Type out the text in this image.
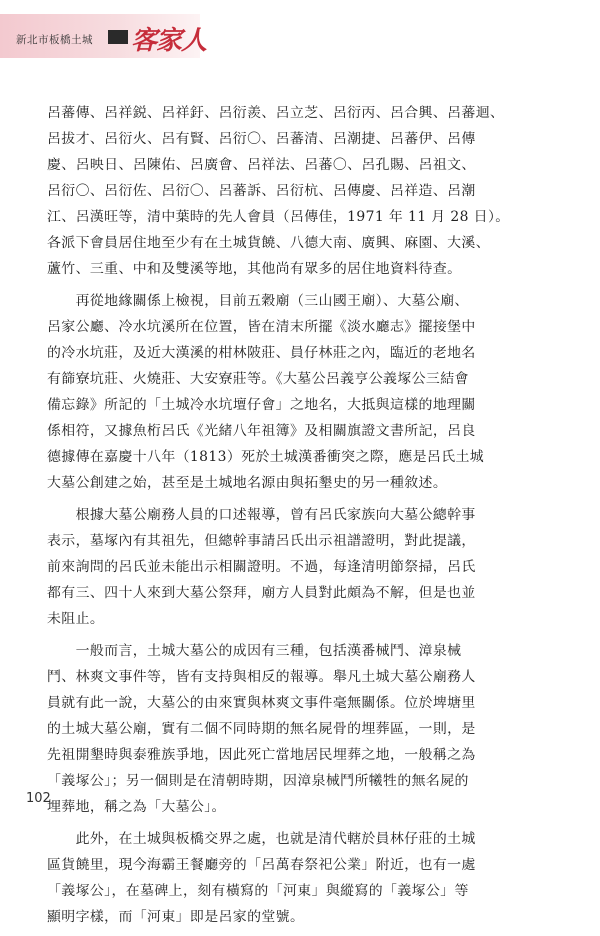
新北市板橋土城 客家人
呂蕃傳、呂祥鋭、呂祥釪、呂衍羨、呂立芝、呂衍丙、呂合興、呂蕃迴、
呂拔才、呂衍火、呂有賢、呂衍〇、呂蕃清、呂潮捷、呂蕃伊、呂傳
慶、呂映日、呂陳佑、呂廣會、呂祥法、呂蕃〇、呂孔賜、呂祖文、
呂衍〇、呂衍佐、呂衍〇、呂蕃訴、呂衍杭、呂傳慶、呂祥造、呂潮
江、呂漢旺等，清中葉時的先人會員（呂傳佳，1971 年 11 月 28 日）。
各派下會員居住地至少有在土城貨饒、八德大南、廣興、麻園、大溪、
蘆竹、三重、中和及雙溪等地，其他尚有眾多的居住地資料待查。
　　再從地緣關係上檢視，目前五穀廟（三山國王廟）、大墓公廟、
呂家公廳、冷水坑溪所在位置，皆在清末所擺《淡水廳志》擺接堡中
的冷水坑莊，及近大漢溪的柑林陂莊、員仔林莊之內，臨近的老地名
有篩寮坑莊、火燒莊、大安寮莊等。《大墓公呂義亨公義塚公三結會
備忘錄》所記的「土城冷水坑壇仔會」之地名，大抵與這樣的地理關
係相符，又據魚桁呂氏《光緒八年祖簿》及相關旗證文書所記，呂良
德據傳在嘉慶十八年（1813）死於土城漢番衝突之際，應是呂氏土城
大墓公創建之始，甚至是土城地名源由與拓墾史的另一種敘述。
　　根據大墓公廟務人員的口述報導，曾有呂氏家族向大墓公總幹事
表示，墓塚內有其祖先，但總幹事請呂氏出示祖譜證明，對此提議，
前來詢問的呂氏並未能出示相關證明。不過，每逢清明節祭掃，呂氏
都有三、四十人來到大墓公祭拜，廟方人員對此頗為不解，但是也並
未阻止。
　　一般而言，土城大墓公的成因有三種，包括漢番械鬥、漳泉械
鬥、林爽文事件等，皆有支持與相反的報導。舉凡土城大墓公廟務人
員就有此一說，大墓公的由來實與林爽文事件毫無關係。位於埤塘里
的土城大墓公廟，實有二個不同時期的無名屍骨的埋葬區，一則，是
先祖開墾時與泰雅族爭地，因此死亡當地居民埋葬之地，一般稱之為
「義塚公」；另一個則是在清朝時期，因漳泉械鬥所犧牲的無名屍的
埋葬地，稱之為「大墓公」。
　　此外，在土城與板橋交界之處，也就是清代轄於員林仔莊的土城
區貨饒里，現今海霸王餐廳旁的「呂萬春祭祀公業」附近，也有一處
「義塚公」，在墓碑上，刻有橫寫的「河東」與縱寫的「義塚公」等
顯明字樣，而「河東」即是呂家的堂號。
102
